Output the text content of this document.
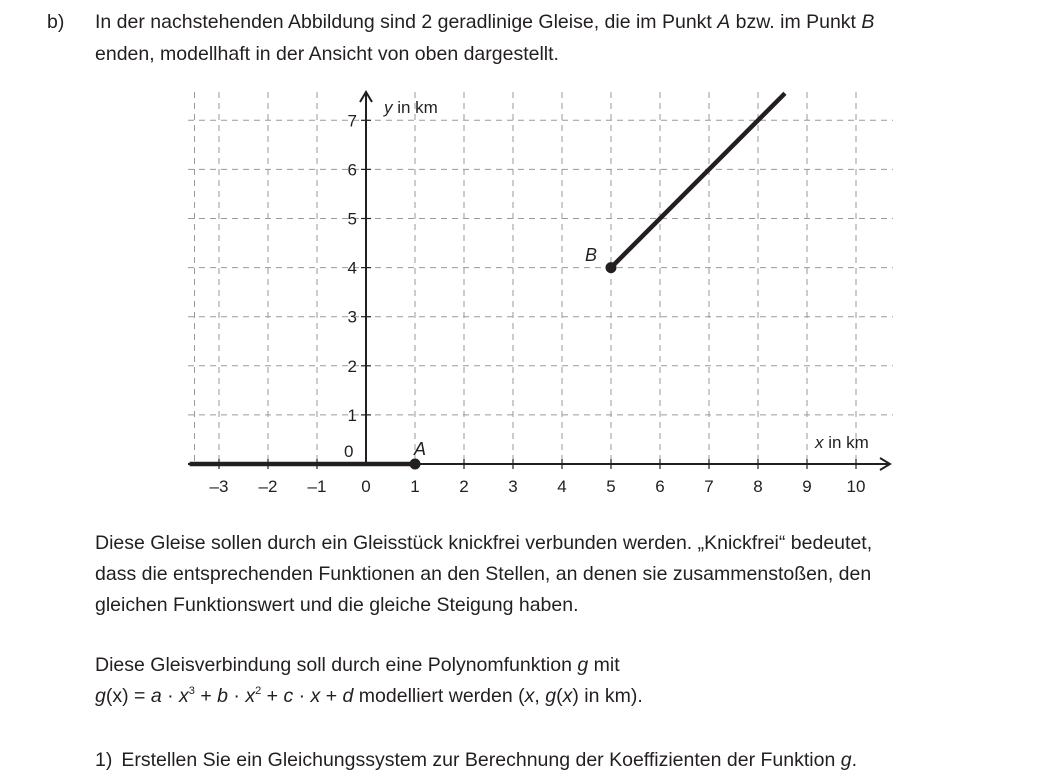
b) In der nachstehenden Abbildung sind 2 geradlinige Gleise, die im Punkt A bzw. im Punkt B
enden, modellhaft in der Ansicht von oben dargestellt.
–3 –2 –1 0 1 2 3 4 5 6 7 8 9 10
1
2
3
4
5
6
7
0
y in km
x in km
A
B
Diese Gleise sollen durch ein Gleisstück knickfrei verbunden werden. „Knickfrei“ bedeutet,
dass die entsprechenden Funktionen an den Stellen, an denen sie zusammenstoßen, den
gleichen Funktionswert und die gleiche Steigung haben.
Diese Gleisverbindung soll durch eine Polynomfunktion g mit
$g(x) = a \cdot x^3 + b \cdot x^2 + c \cdot x + d$ modelliert werden (x, g(x) in km).
1) Erstellen Sie ein Gleichungssystem zur Berechnung der Koeffizienten der Funktion g.
